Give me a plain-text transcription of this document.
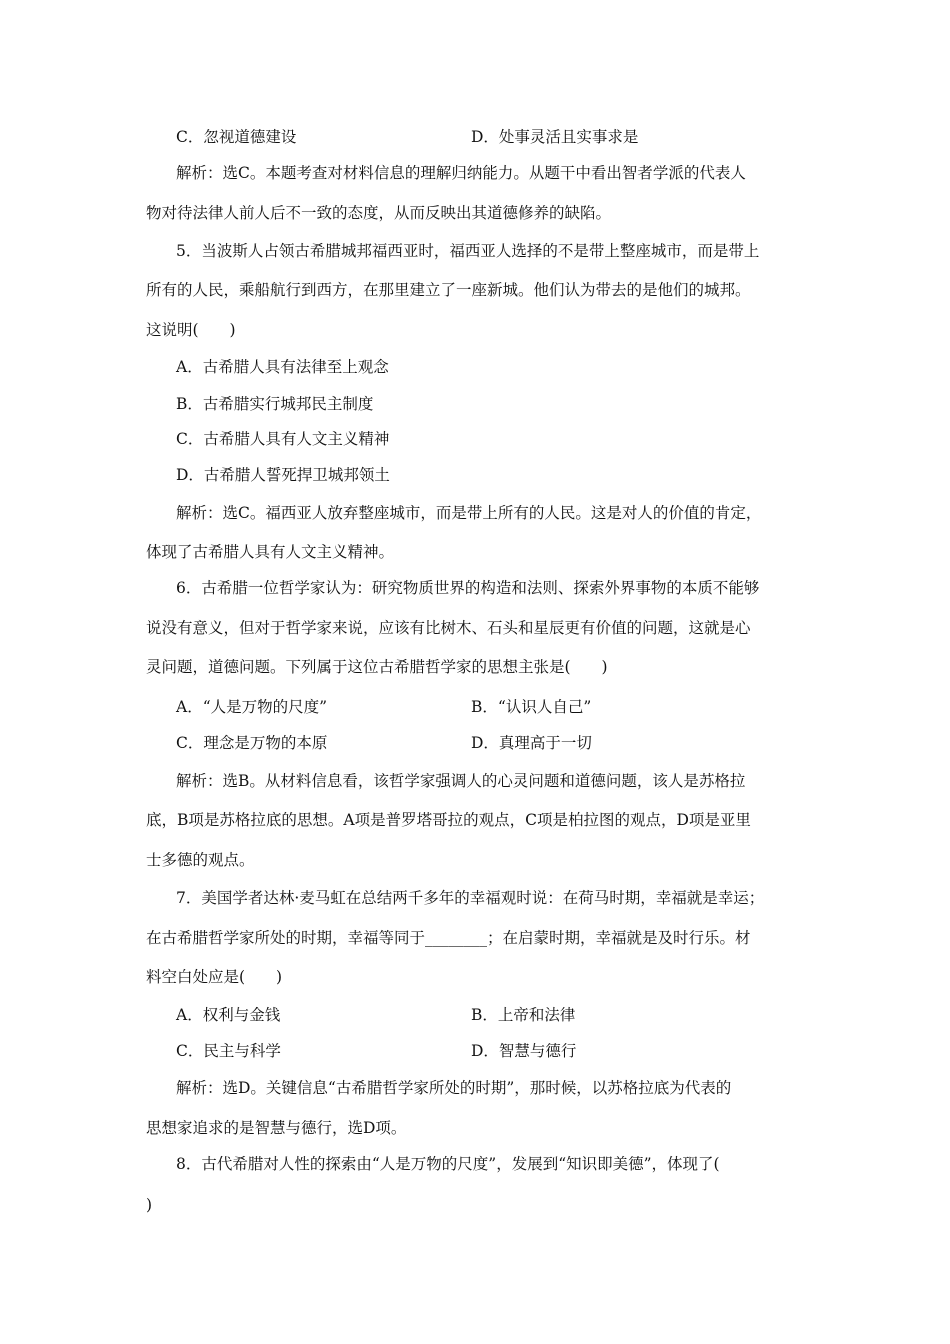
C．忽视道德建设	D．处事灵活且实事求是
解析：选C。本题考查对材料信息的理解归纳能力。从题干中看出智者学派的代表人
物对待法律人前人后不一致的态度，从而反映出其道德修养的缺陷。
5．当波斯人占领古希腊城邦福西亚时，福西亚人选择的不是带上整座城市，而是带上
所有的人民，乘船航行到西方，在那里建立了一座新城。他们认为带去的是他们的城邦。
这说明(　　)
A．古希腊人具有法律至上观念
B．古希腊实行城邦民主制度
C．古希腊人具有人文主义精神
D．古希腊人誓死捍卫城邦领土
解析：选C。福西亚人放弃整座城市，而是带上所有的人民。这是对人的价值的肯定，
体现了古希腊人具有人文主义精神。
6．古希腊一位哲学家认为：研究物质世界的构造和法则、探索外界事物的本质不能够
说没有意义，但对于哲学家来说，应该有比树木、石头和星辰更有价值的问题，这就是心
灵问题，道德问题。下列属于这位古希腊哲学家的思想主张是(　　)
A．“人是万物的尺度”	B．“认识人自己”
C．理念是万物的本原	D．真理高于一切
解析：选B。从材料信息看，该哲学家强调人的心灵问题和道德问题，该人是苏格拉
底，B项是苏格拉底的思想。A项是普罗塔哥拉的观点，C项是柏拉图的观点，D项是亚里
士多德的观点。
7．美国学者达林·麦马虹在总结两千多年的幸福观时说：在荷马时期，幸福就是幸运；
在古希腊哲学家所处的时期，幸福等同于________；在启蒙时期，幸福就是及时行乐。材
料空白处应是(　　)
A．权利与金钱	B．上帝和法律
C．民主与科学	D．智慧与德行
解析：选D。关键信息“古希腊哲学家所处的时期”，那时候，以苏格拉底为代表的
思想家追求的是智慧与德行，选D项。
8．古代希腊对人性的探索由“人是万物的尺度”，发展到“知识即美德”，体现了(
)
